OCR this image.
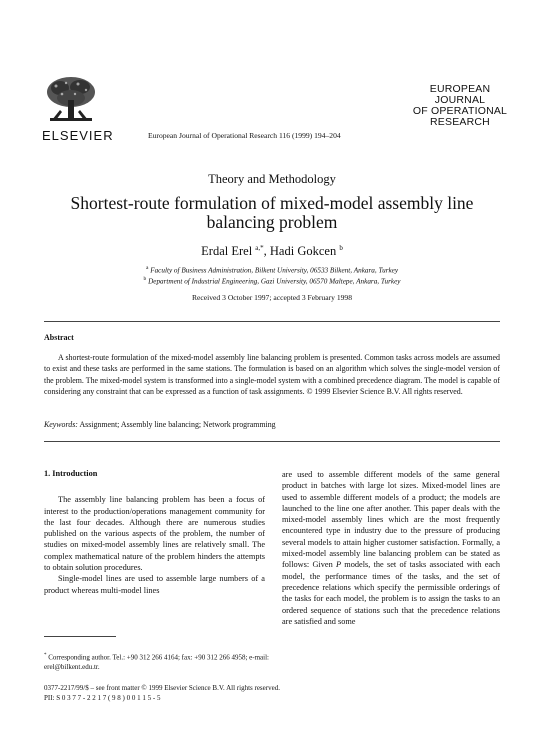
ELSEVIER	European Journal of Operational Research 116 (1999) 194–204
EUROPEAN
JOURNAL
OF OPERATIONAL
RESEARCH
Theory and Methodology
Shortest-route formulation of mixed-model assembly line balancing problem
Erdal Erel $^{a,*}$, Hadi Gokcen $^b$
$^a$ Faculty of Business Administration, Bilkent University, 06533 Bilkent, Ankara, Turkey
$^b$ Department of Industrial Engineering, Gazi University, 06570 Maltepe, Ankara, Turkey
Received 3 October 1997; accepted 3 February 1998
Abstract
A shortest-route formulation of the mixed-model assembly line balancing problem is presented. Common tasks across models are assumed to exist and these tasks are performed in the same stations. The formulation is based on an algorithm which solves the single-model version of the problem. The mixed-model system is transformed into a single-model system with a combined precedence diagram. The model is capable of considering any constraint that can be expressed as a function of task assignments. © 1999 Elsevier Science B.V. All rights reserved.
Keywords: Assignment; Assembly line balancing; Network programming
1. Introduction
The assembly line balancing problem has been a focus of interest to the production/operations management community for the last four decades. Although there are numerous studies published on the various aspects of the problem, the number of studies on mixed-model assembly lines are relatively small. The complex mathematical nature of the problem hinders the attempts to obtain solution procedures.
Single-model lines are used to assemble large numbers of a product whereas multi-model lines
are used to assemble different models of the same general product in batches with large lot sizes. Mixed-model lines are used to assemble different models of a product; the models are launched to the line one after another. This paper deals with the mixed-model assembly lines which are the most frequently encountered type in industry due to the pressure of producing several models to attain higher customer satisfaction. Formally, a mixed-model assembly line balancing problem can be stated as follows: Given P models, the set of tasks associated with each model, the performance times of the tasks, and the set of precedence relations which specify the permissible orderings of the tasks for each model, the problem is to assign the tasks to an ordered sequence of stations such that the precedence relations are satisfied and some
* Corresponding author. Tel.: +90 312 266 4164; fax: +90 312 266 4958; e-mail: erel@bilkent.edu.tr.
0377-2217/99/$ – see front matter © 1999 Elsevier Science B.V. All rights reserved.
PII: S 0 3 7 7 - 2 2 1 7 ( 9 8 ) 0 0 1 1 5 - 5
